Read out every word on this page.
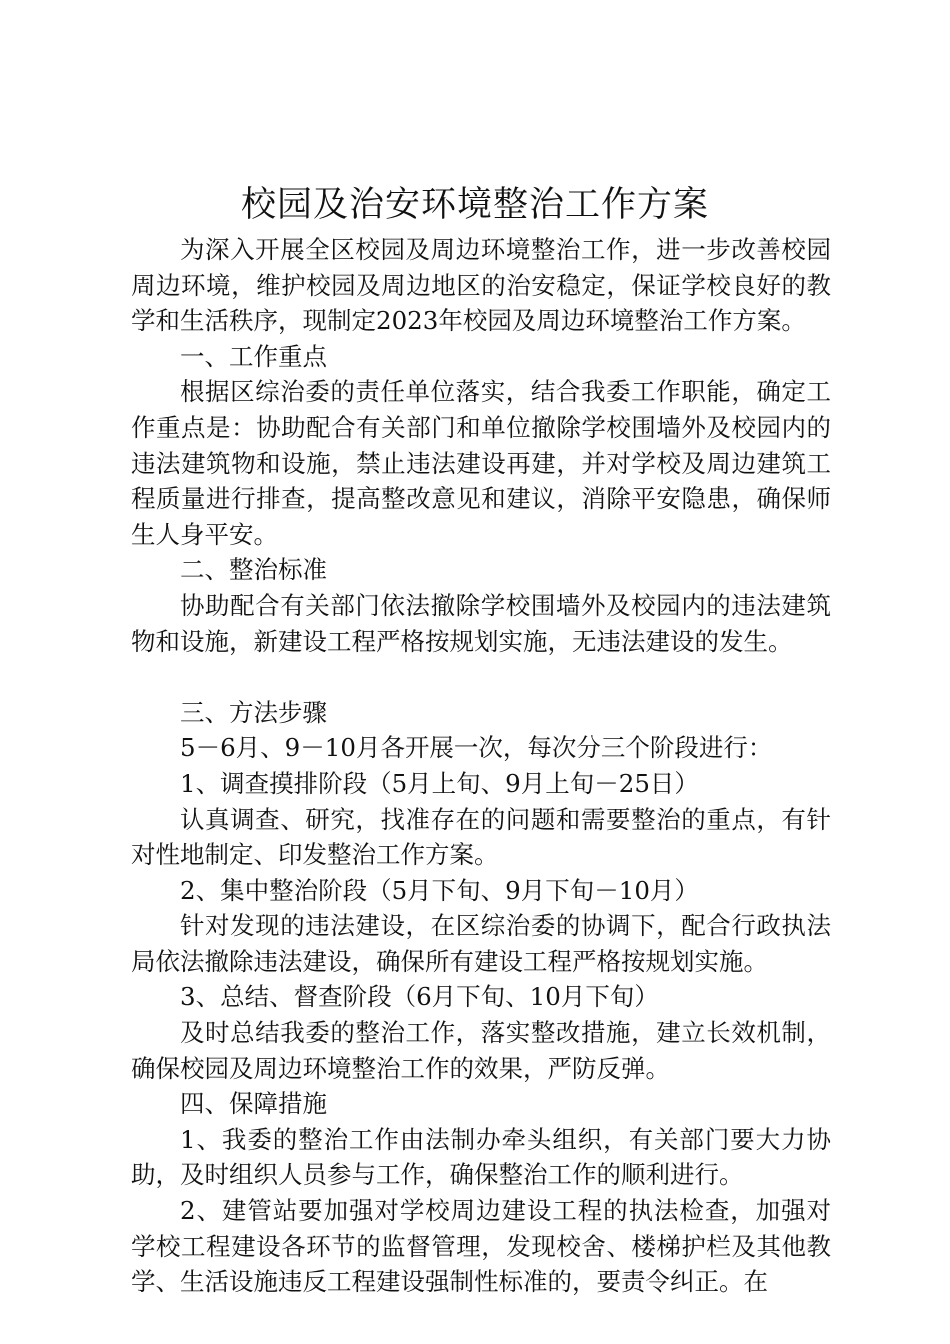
校园及治安环境整治工作方案

为深入开展全区校园及周边环境整治工作，进一步改善校园周边环境，维护校园及周边地区的治安稳定，保证学校良好的教学和生活秩序，现制定2023年校园及周边环境整治工作方案。

一、工作重点

根据区综治委的责任单位落实，结合我委工作职能，确定工作重点是：协助配合有关部门和单位撤除学校围墙外及校园内的违法建筑物和设施，禁止违法建设再建，并对学校及周边建筑工程质量进行排查，提高整改意见和建议，消除平安隐患，确保师生人身平安。

二、整治标准

协助配合有关部门依法撤除学校围墙外及校园内的违法建筑物和设施，新建设工程严格按规划实施，无违法建设的发生。

三、方法步骤

5－6月、9－10月各开展一次，每次分三个阶段进行：

1、调查摸排阶段（5月上旬、9月上旬－25日）

认真调查、研究，找准存在的问题和需要整治的重点，有针对性地制定、印发整治工作方案。

2、集中整治阶段（5月下旬、9月下旬－10月）

针对发现的违法建设，在区综治委的协调下，配合行政执法局依法撤除违法建设，确保所有建设工程严格按规划实施。

3、总结、督查阶段（6月下旬、10月下旬）

及时总结我委的整治工作，落实整改措施，建立长效机制，确保校园及周边环境整治工作的效果，严防反弹。

四、保障措施

1、我委的整治工作由法制办牵头组织，有关部门要大力协助，及时组织人员参与工作，确保整治工作的顺利进行。

2、建管站要加强对学校周边建设工程的执法检查，加强对学校工程建设各环节的监督管理，发现校舍、楼梯护栏及其他教学、生活设施违反工程建设强制性标准的，要责令纠正。在
